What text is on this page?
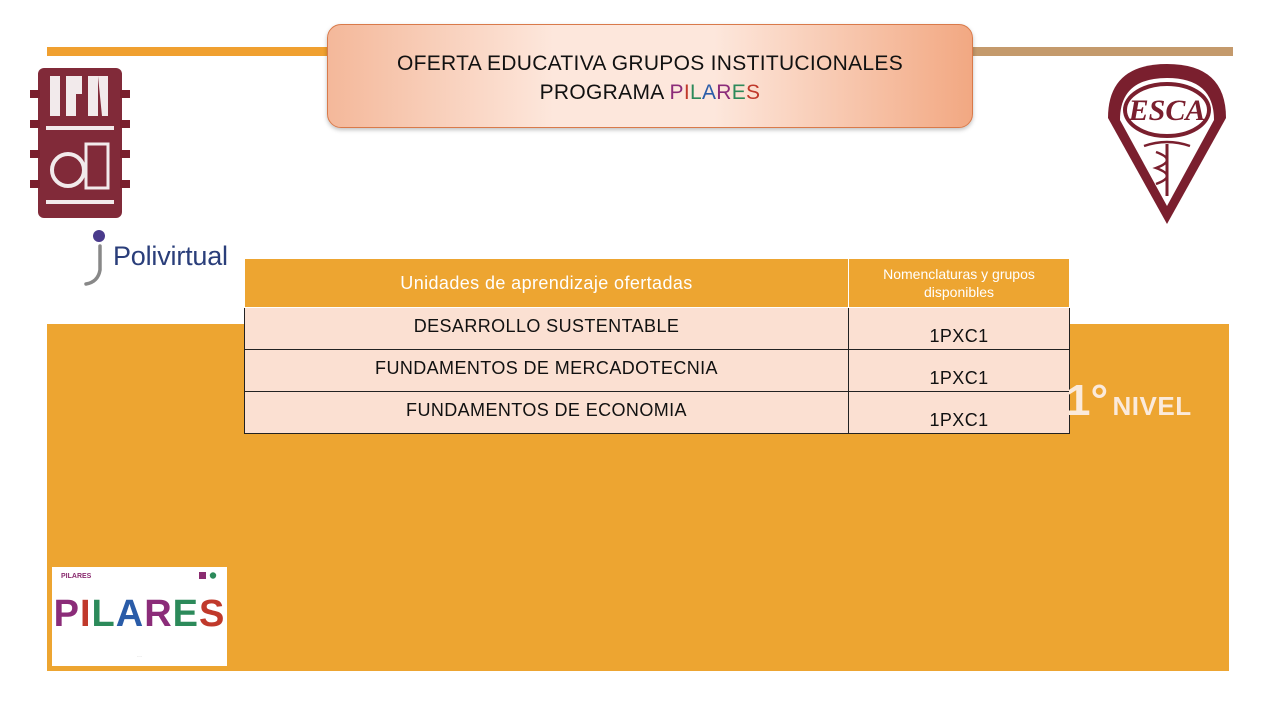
Polivirtual
ESCA
OFERTA EDUCATIVA GRUPOS INSTITUCIONALES
PROGRAMA PILARES
Unidades de aprendizaje ofertadas	Nomenclaturas y grupos disponibles
DESARROLLO SUSTENTABLE	1PXC1
FUNDAMENTOS DE MERCADOTECNIA	1PXC1
FUNDAMENTOS DE ECONOMIA	1PXC1 1° NIVEL
PILARES
PILARES
....
